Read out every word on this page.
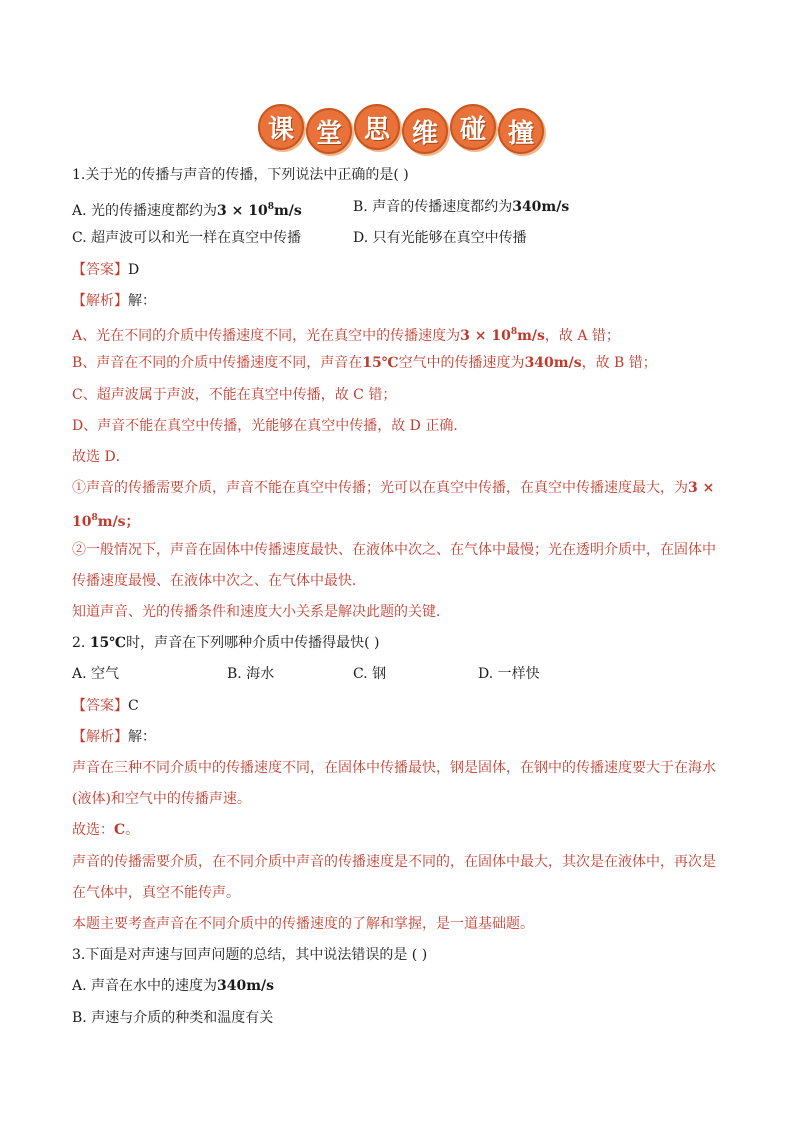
课 堂 思 维 碰 撞
1.关于光的传播与声音的传播，下列说法中正确的是( )
A. 光的传播速度都约为$3 \times 10^8m/s$	B. 声音的传播速度都约为340m/s
C. 超声波可以和光一样在真空中传播	D. 只有光能够在真空中传播
【答案】D
【解析】解：
A、光在不同的介质中传播速度不同，光在真空中的传播速度为$3 \times 10^8m/s$，故 A 错；
B、声音在不同的介质中传播速度不同，声音在15℃空气中的传播速度为340m/s，故 B 错；
C、超声波属于声波，不能在真空中传播，故 C 错；
D、声音不能在真空中传播，光能够在真空中传播，故 D 正确．
故选 D．
①声音的传播需要介质，声音不能在真空中传播；光可以在真空中传播，在真空中传播速度最大，为3 ×
$10^8m/s$；
②一般情况下，声音在固体中传播速度最快、在液体中次之、在气体中最慢；光在透明介质中，在固体中
传播速度最慢、在液体中次之、在气体中最快．
知道声音、光的传播条件和速度大小关系是解决此题的关键．
2. 15℃时，声音在下列哪种介质中传播得最快( )
A. 空气	B. 海水	C. 钢	D. 一样快
【答案】C
【解析】解：
声音在三种不同介质中的传播速度不同，在固体中传播最快，钢是固体，在钢中的传播速度要大于在海水
(液体)和空气中的传播声速。
故选：C。
声音的传播需要介质，在不同介质中声音的传播速度是不同的，在固体中最大，其次是在液体中，再次是
在气体中，真空不能传声。
本题主要考查声音在不同介质中的传播速度的了解和掌握，是一道基础题。
3.下面是对声速与回声问题的总结，其中说法错误的是 ( )
A. 声音在水中的速度为340m/s
B. 声速与介质的种类和温度有关
